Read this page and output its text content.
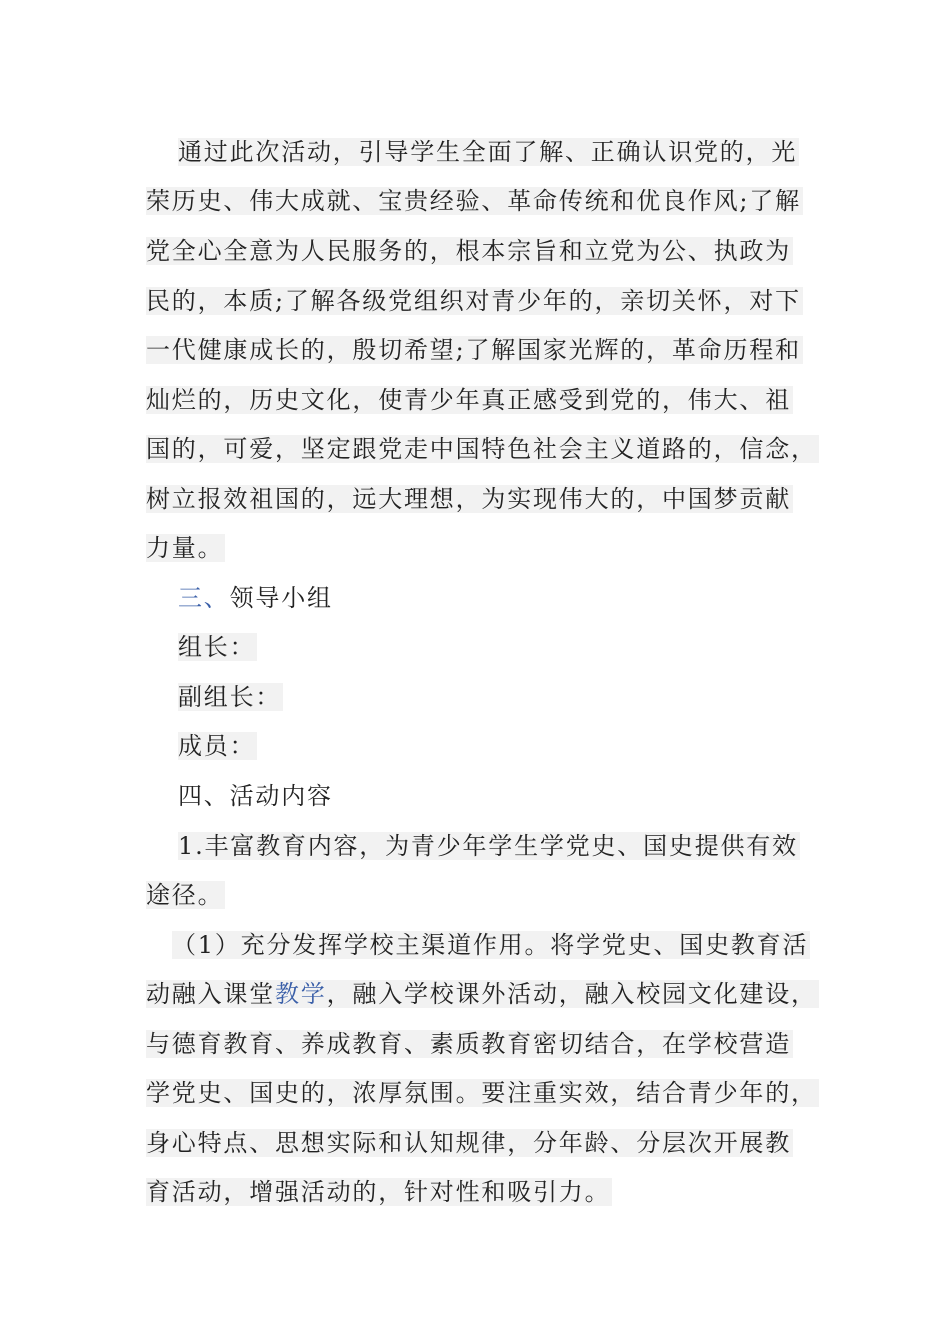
通过此次活动，引导学生全面了解、正确认识党的，光
荣历史、伟大成就、宝贵经验、革命传统和优良作风;了解
党全心全意为人民服务的，根本宗旨和立党为公、执政为
民的，本质;了解各级党组织对青少年的，亲切关怀，对下
一代健康成长的，殷切希望;了解国家光辉的，革命历程和
灿烂的，历史文化，使青少年真正感受到党的，伟大、祖
国的，可爱，坚定跟党走中国特色社会主义道路的，信念，
树立报效祖国的，远大理想，为实现伟大的，中国梦贡献
力量。
三、领导小组
组长：
副组长：
成员：
四、活动内容
1.丰富教育内容，为青少年学生学党史、国史提供有效
途径。
（1）充分发挥学校主渠道作用。将学党史、国史教育活
动融入课堂教学，融入学校课外活动，融入校园文化建设，
与德育教育、养成教育、素质教育密切结合，在学校营造
学党史、国史的，浓厚氛围。要注重实效，结合青少年的，
身心特点、思想实际和认知规律，分年龄、分层次开展教
育活动，增强活动的，针对性和吸引力。
